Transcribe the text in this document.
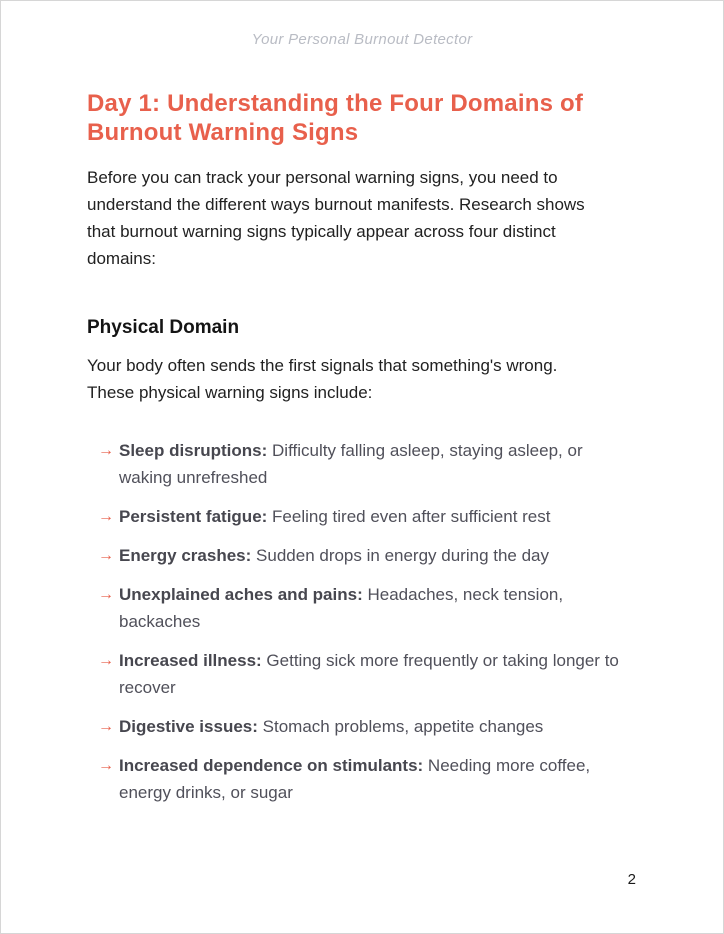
Your Personal Burnout Detector
Day 1: Understanding the Four Domains of Burnout Warning Signs

Before you can track your personal warning signs, you need to understand the different ways burnout manifests. Research shows that burnout warning signs typically appear across four distinct domains:

Physical Domain

Your body often sends the first signals that something's wrong. These physical warning signs include:

→ Sleep disruptions: Difficulty falling asleep, staying asleep, or waking unrefreshed
→ Persistent fatigue: Feeling tired even after sufficient rest
→ Energy crashes: Sudden drops in energy during the day
→ Unexplained aches and pains: Headaches, neck tension, backaches
→ Increased illness: Getting sick more frequently or taking longer to recover
→ Digestive issues: Stomach problems, appetite changes
→ Increased dependence on stimulants: Needing more coffee, energy drinks, or sugar
2
